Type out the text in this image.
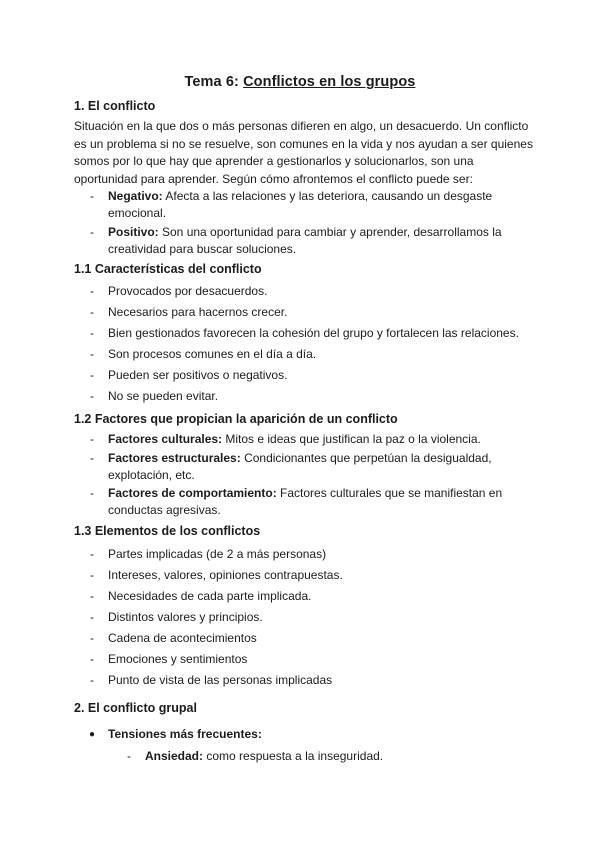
Tema 6: Conflictos en los grupos
1. El conflicto
Situación en la que dos o más personas difieren en algo, un desacuerdo. Un conflicto es un problema si no se resuelve, son comunes en la vida y nos ayudan a ser quienes somos por lo que hay que aprender a gestionarlos y solucionarlos, son una oportunidad para aprender. Según cómo afrontemos el conflicto puede ser:
- Negativo: Afecta a las relaciones y las deteriora, causando un desgaste emocional.
- Positivo: Son una oportunidad para cambiar y aprender, desarrollamos la creatividad para buscar soluciones.
1.1 Características del conflicto
- Provocados por desacuerdos.
- Necesarios para hacernos crecer.
- Bien gestionados favorecen la cohesión del grupo y fortalecen las relaciones.
- Son procesos comunes en el día a día.
- Pueden ser positivos o negativos.
- No se pueden evitar.
1.2 Factores que propician la aparición de un conflicto
- Factores culturales: Mitos e ideas que justifican la paz o la violencia.
- Factores estructurales: Condicionantes que perpetúan la desigualdad, explotación, etc.
- Factores de comportamiento: Factores culturales que se manifiestan en conductas agresivas.
1.3 Elementos de los conflictos
- Partes implicadas (de 2 a más personas)
- Intereses, valores, opiniones contrapuestas.
- Necesidades de cada parte implicada.
- Distintos valores y principios.
- Cadena de acontecimientos
- Emociones y sentimientos
- Punto de vista de las personas implicadas
2. El conflicto grupal
● Tensiones más frecuentes:
- Ansiedad: como respuesta a la inseguridad.
